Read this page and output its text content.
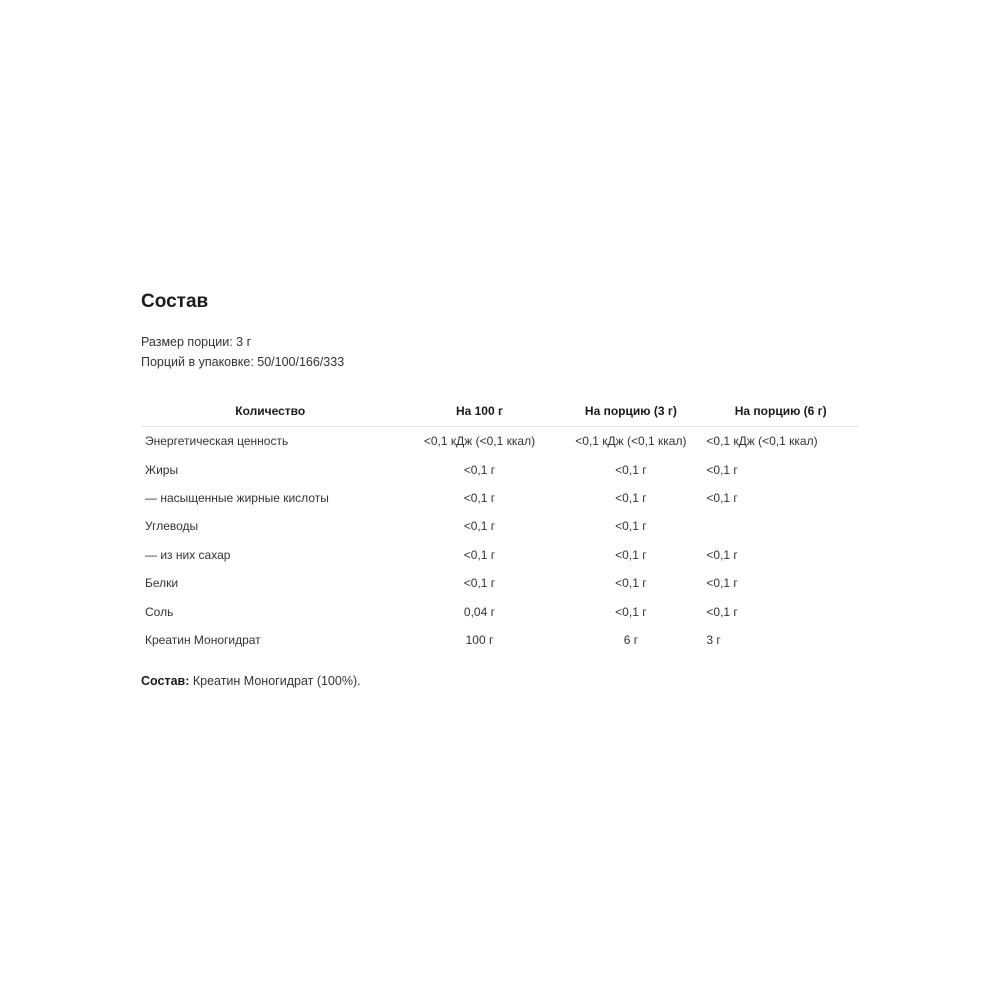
Состав
Размер порции: 3 г
Порций в упаковке: 50/100/166/333
Количество	На 100 г	На порцию (3 г)	На порцию (6 г)
Энергетическая ценность	<0,1 кДж (<0,1 ккал)	<0,1 кДж (<0,1 ккал)	<0,1 кДж (<0,1 ккал)
Жиры	<0,1 г	<0,1 г	<0,1 г
— насыщенные жирные кислоты	<0,1 г	<0,1 г	<0,1 г
Углеводы	<0,1 г	<0,1 г	
— из них сахар	<0,1 г	<0,1 г	<0,1 г
Белки	<0,1 г	<0,1 г	<0,1 г
Соль	0,04 г	<0,1 г	<0,1 г
Креатин Моногидрат	100 г	6 г	3 г
Состав: Креатин Моногидрат (100%).
